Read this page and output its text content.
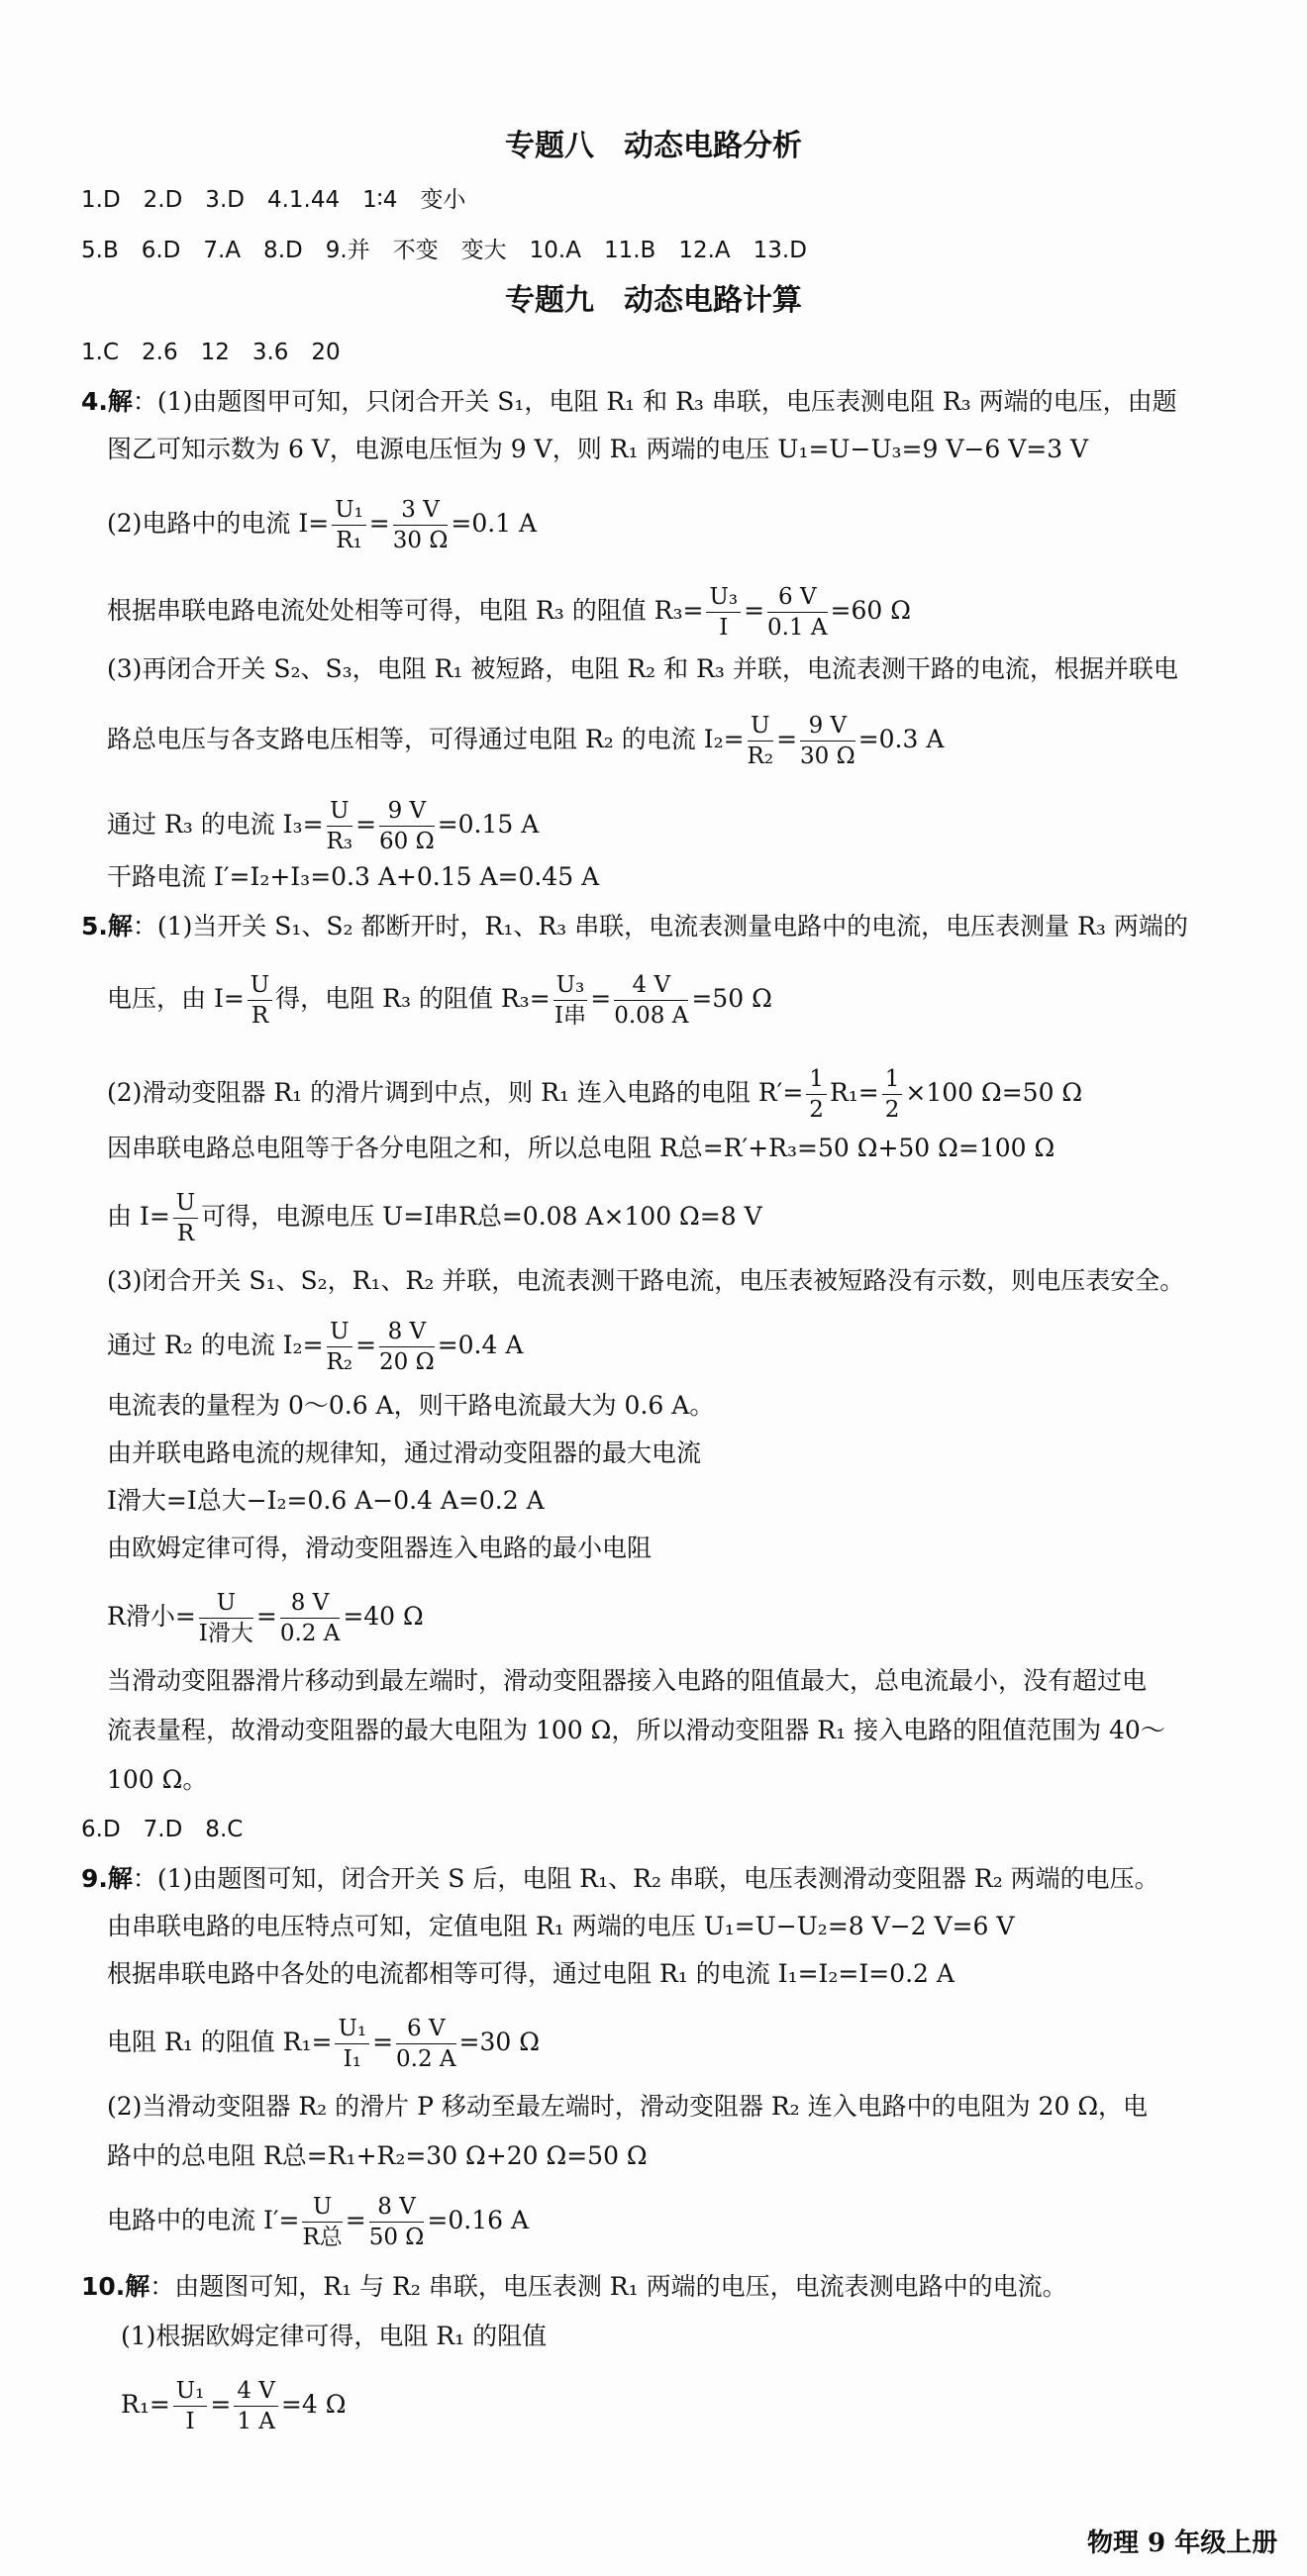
专题八　动态电路分析
1.D　2.D　3.D　4.1.44　1∶4　变小
5.B　6.D　7.A　8.D　9.并　不变　变大　10.A　11.B　12.A　13.D
专题九　动态电路计算
1.C　2.6　12　3.6　20
4.解：(1)由题图甲可知，只闭合开关 S₁，电阻 R₁ 和 R₃ 串联，电压表测电阻 R₃ 两端的电压，由题
图乙可知示数为 6 V，电源电压恒为 9 V，则 R₁ 两端的电压 U₁=U−U₃=9 V−6 V=3 V
(2)电路中的电流 $I= \frac{\text{U₁}}{\text{R₁}} = \frac{3 V}{30 \Omega} =0.1$ A
根据串联电路电流处处相等可得，电阻 R₃ 的阻值 $R_3= \frac{\text{U₃}}{I} = \frac{6 V}{0.1 A} =60$ Ω
(3)再闭合开关 S₂、S₃，电阻 R₁ 被短路，电阻 R₂ 和 R₃ 并联，电流表测干路的电流，根据并联电
路总电压与各支路电压相等，可得通过电阻 R₂ 的电流 $I_2= \frac{U}{\text{R₂}} = \frac{9 V}{30 \Omega} =0.3$ A
通过 R₃ 的电流 $I_3= \frac{U}{\text{R₃}} = \frac{9 V}{60 \Omega} =0.15$ A
干路电流 I′=I₂+I₃=0.3 A+0.15 A=0.45 A
5.解：(1)当开关 S₁、S₂ 都断开时，R₁、R₃ 串联，电流表测量电路中的电流，电压表测量 R₃ 两端的
电压，由 $I= \frac{U}{R}$ 得，电阻 R₃ 的阻值 $R_3= \frac{\text{U₃}}{\text{I串}} = \frac{4 V}{0.08 A} =50$ Ω
(2)滑动变阻器 R₁ 的滑片调到中点，则 R₁ 连入电路的电阻 $R'= \frac{1}{2} R_1= \frac{1}{2} \times 100$ Ω=50 Ω
因串联电路总电阻等于各分电阻之和，所以总电阻 R总=R′+R₃=50 Ω+50 Ω=100 Ω
由 $I= \frac{U}{R}$ 可得，电源电压 U=I串R总=0.08 A×100 Ω=8 V
(3)闭合开关 S₁、S₂，R₁、R₂ 并联，电流表测干路电流，电压表被短路没有示数，则电压表安全。
通过 R₂ 的电流 $I_2= \frac{U}{\text{R₂}} = \frac{8 V}{20 \Omega} =0.4$ A
电流表的量程为 0～0.6 A，则干路电流最大为 0.6 A。
由并联电路电流的规律知，通过滑动变阻器的最大电流
I滑大=I总大−I₂=0.6 A−0.4 A=0.2 A
由欧姆定律可得，滑动变阻器连入电路的最小电阻
R滑小= $\frac{U}{\text{I滑大}} = \frac{8 V}{0.2 A} =40$ Ω
当滑动变阻器滑片移动到最左端时，滑动变阻器接入电路的阻值最大，总电流最小，没有超过电
流表量程，故滑动变阻器的最大电阻为 100 Ω，所以滑动变阻器 R₁ 接入电路的阻值范围为 40～
100 Ω。
6.D　7.D　8.C
9.解：(1)由题图可知，闭合开关 S 后，电阻 R₁、R₂ 串联，电压表测滑动变阻器 R₂ 两端的电压。
由串联电路的电压特点可知，定值电阻 R₁ 两端的电压 U₁=U−U₂=8 V−2 V=6 V
根据串联电路中各处的电流都相等可得，通过电阻 R₁ 的电流 I₁=I₂=I=0.2 A
电阻 R₁ 的阻值 $R_1= \frac{\text{U₁}}{\text{I₁}} = \frac{6 V}{0.2 A} =30$ Ω
(2)当滑动变阻器 R₂ 的滑片 P 移动至最左端时，滑动变阻器 R₂ 连入电路中的电阻为 20 Ω，电
路中的总电阻 R总=R₁+R₂=30 Ω+20 Ω=50 Ω
电路中的电流 $I'= \frac{U}{\text{R总}} = \frac{8 V}{50 \Omega} =0.16$ A
10.解：由题图可知，R₁ 与 R₂ 串联，电压表测 R₁ 两端的电压，电流表测电路中的电流。
(1)根据欧姆定律可得，电阻 R₁ 的阻值
$R_1= \frac{\text{U₁}}{I} = \frac{4 V}{1 A} =4$ Ω
物理 9 年级上册
